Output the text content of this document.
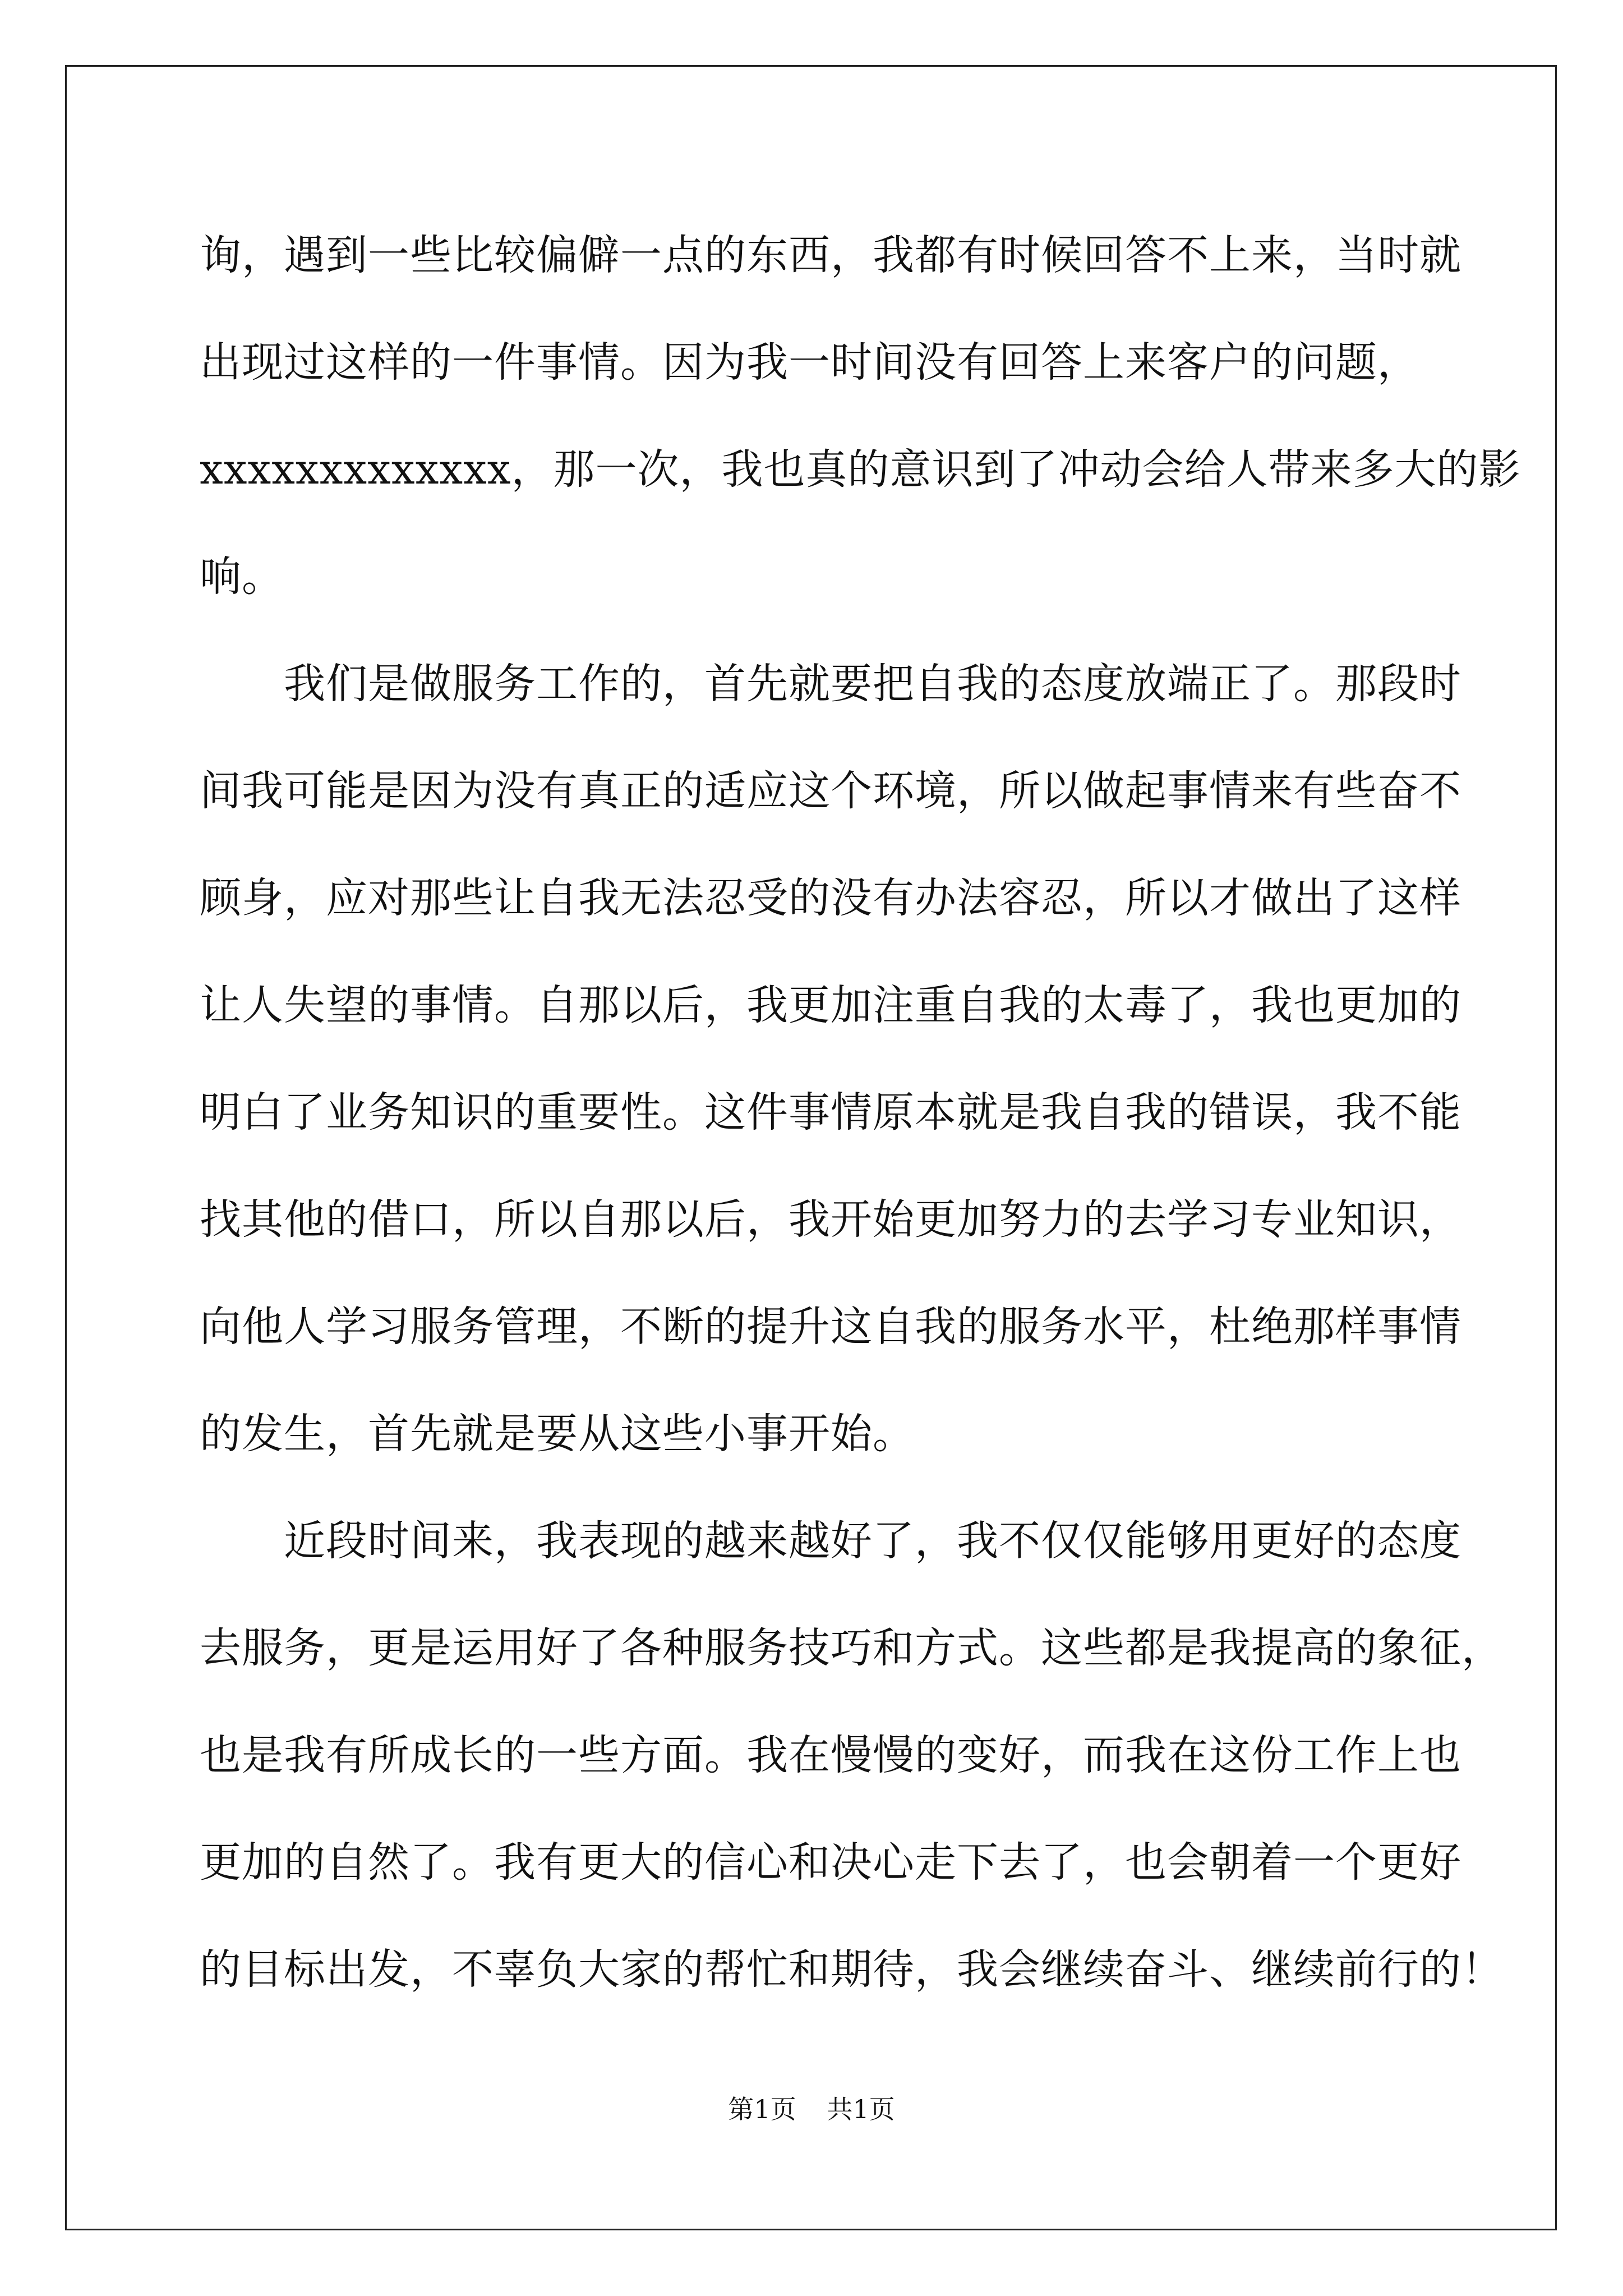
询，遇到一些比较偏僻一点的东西，我都有时候回答不上来，当时就
出现过这样的一件事情。因为我一时间没有回答上来客户的问题，
xxxxxxxxxxxxx，那一次，我也真的意识到了冲动会给人带来多大的影
响。
　　我们是做服务工作的，首先就要把自我的态度放端正了。那段时
间我可能是因为没有真正的适应这个环境，所以做起事情来有些奋不
顾身，应对那些让自我无法忍受的没有办法容忍，所以才做出了这样
让人失望的事情。自那以后，我更加注重自我的太毒了，我也更加的
明白了业务知识的重要性。这件事情原本就是我自我的错误，我不能
找其他的借口，所以自那以后，我开始更加努力的去学习专业知识，
向他人学习服务管理，不断的提升这自我的服务水平，杜绝那样事情
的发生，首先就是要从这些小事开始。
　　近段时间来，我表现的越来越好了，我不仅仅能够用更好的态度
去服务，更是运用好了各种服务技巧和方式。这些都是我提高的象征，
也是我有所成长的一些方面。我在慢慢的变好，而我在这份工作上也
更加的自然了。我有更大的信心和决心走下去了，也会朝着一个更好
的目标出发，不辜负大家的帮忙和期待，我会继续奋斗、继续前行的！
第1页 共1页
